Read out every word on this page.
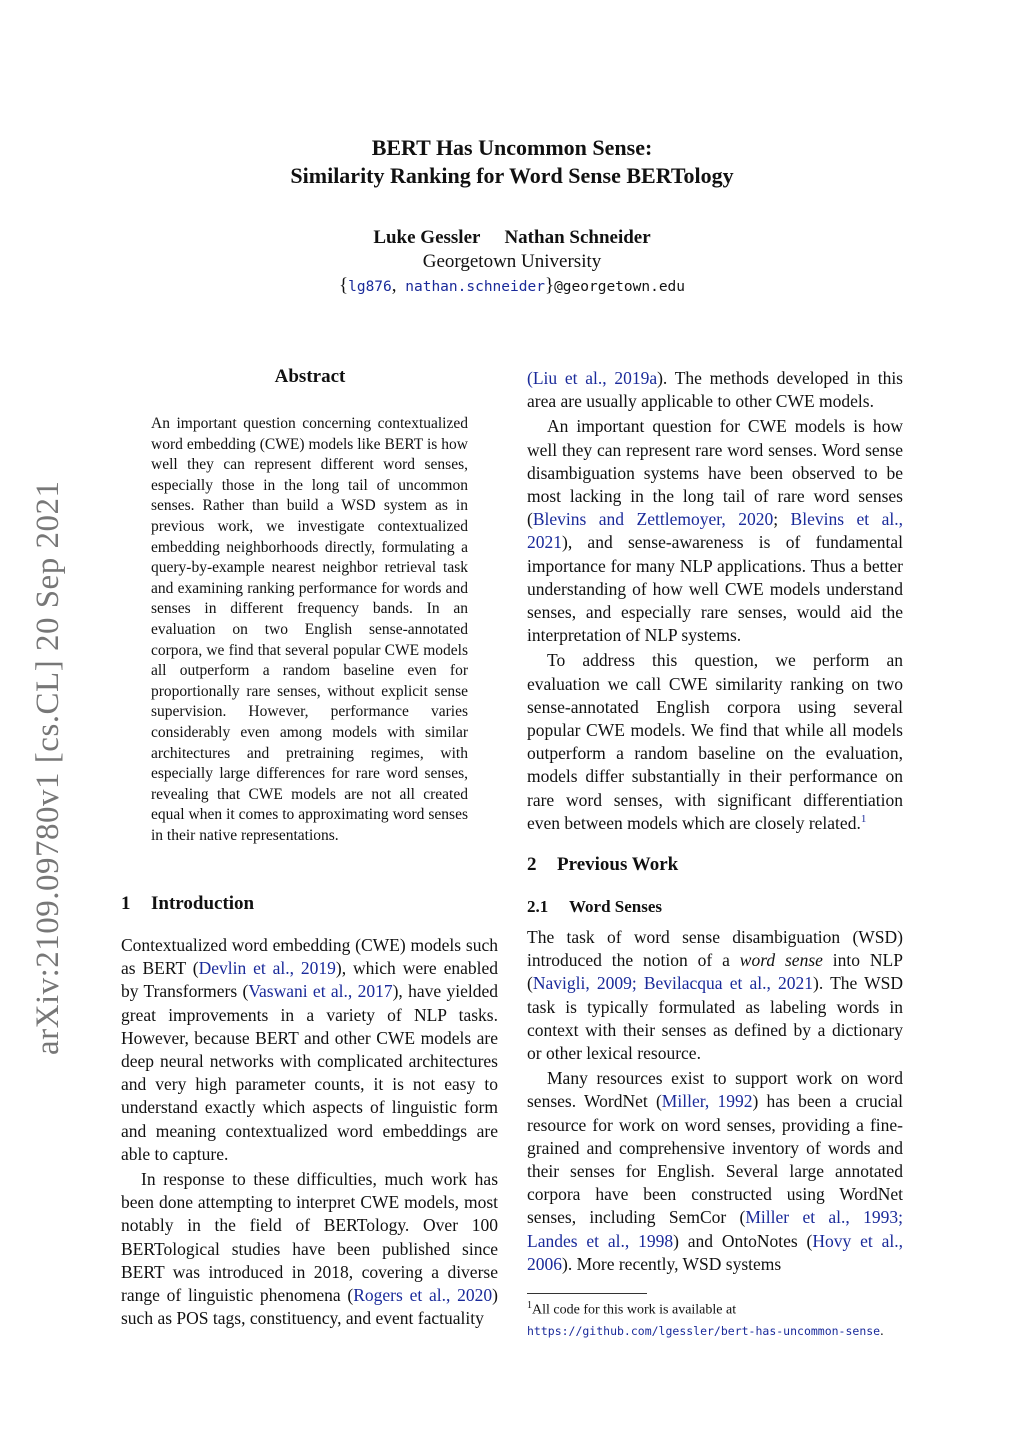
BERT Has Uncommon Sense:
Similarity Ranking for Word Sense BERTology
Luke Gessler Nathan Schneider
Georgetown University
{lg876, nathan.schneider}@georgetown.edu
arXiv:2109.09780v1 [cs.CL] 20 Sep 2021
Abstract
An important question concerning contextualized word embedding (CWE) models like BERT is how well they can represent different word senses, especially those in the long tail of uncommon senses. Rather than build a WSD system as in previous work, we investigate contextualized embedding neighborhoods directly, formulating a query-by-example nearest neighbor retrieval task and examining ranking performance for words and senses in different frequency bands. In an evaluation on two English sense-annotated corpora, we find that several popular CWE models all outperform a random baseline even for proportionally rare senses, without explicit sense supervision. However, performance varies considerably even among models with similar architectures and pretraining regimes, with especially large differences for rare word senses, revealing that CWE models are not all created equal when it comes to approximating word senses in their native representations.
1 Introduction

Contextualized word embedding (CWE) models such as BERT (Devlin et al., 2019), which were enabled by Transformers (Vaswani et al., 2017), have yielded great improvements in a variety of NLP tasks. However, because BERT and other CWE models are deep neural networks with complicated architectures and very high parameter counts, it is not easy to understand exactly which aspects of linguistic form and meaning contextualized word embeddings are able to capture.

In response to these difficulties, much work has been done attempting to interpret CWE models, most notably in the field of BERTology. Over 100 BERTological studies have been published since BERT was introduced in 2018, covering a diverse range of linguistic phenomena (Rogers et al., 2020) such as POS tags, constituency, and event factuality

(Liu et al., 2019a). The methods developed in this area are usually applicable to other CWE models.

An important question for CWE models is how well they can represent rare word senses. Word sense disambiguation systems have been observed to be most lacking in the long tail of rare word senses (Blevins and Zettlemoyer, 2020; Blevins et al., 2021), and sense-awareness is of fundamental importance for many NLP applications. Thus a better understanding of how well CWE models understand senses, and especially rare senses, would aid the interpretation of NLP systems.

To address this question, we perform an evaluation we call CWE similarity ranking on two sense-annotated English corpora using several popular CWE models. We find that while all models outperform a random baseline on the evaluation, models differ substantially in their performance on rare word senses, with significant differentiation even between models which are closely related.$^1$

2 Previous Work
2.1 Word Senses

The task of word sense disambiguation (WSD) introduced the notion of a word sense into NLP (Navigli, 2009; Bevilacqua et al., 2021). The WSD task is typically formulated as labeling words in context with their senses as defined by a dictionary or other lexical resource.

Many resources exist to support work on word senses. WordNet (Miller, 1992) has been a crucial resource for work on word senses, providing a fine-grained and comprehensive inventory of words and their senses for English. Several large annotated corpora have been constructed using WordNet senses, including SemCor (Miller et al., 1993; Landes et al., 1998) and OntoNotes (Hovy et al., 2006). More recently, WSD systems

$^1$All code for this work is available at https://github.com/lgessler/bert-has-uncommon-sense.
